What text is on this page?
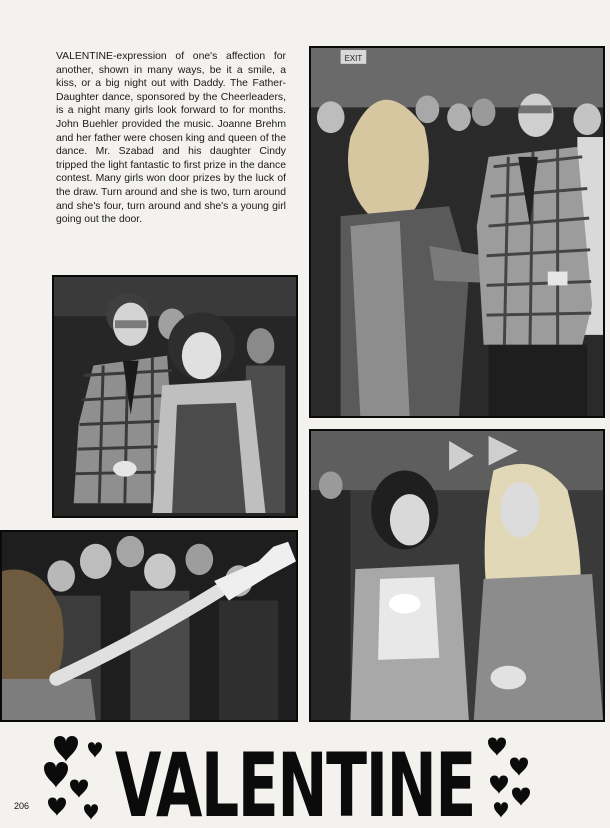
VALENTINE-expression of one's affection for another, shown in many ways, be it a smile, a kiss, or a big night out with Daddy. The Father-Daughter dance, sponsored by the Cheerleaders, is a night many girls look forward to for months. John Buehler provided the music. Joanne Brehm and her father were chosen king and queen of the dance. Mr. Szabad and his daughter Cindy tripped the light fantastic to first prize in the dance contest. Many girls won door prizes by the luck of the draw. Turn around and she is two, turn around and she's four, turn around and she's a young girl going out the door.

EXIT
VALENTINE
206
